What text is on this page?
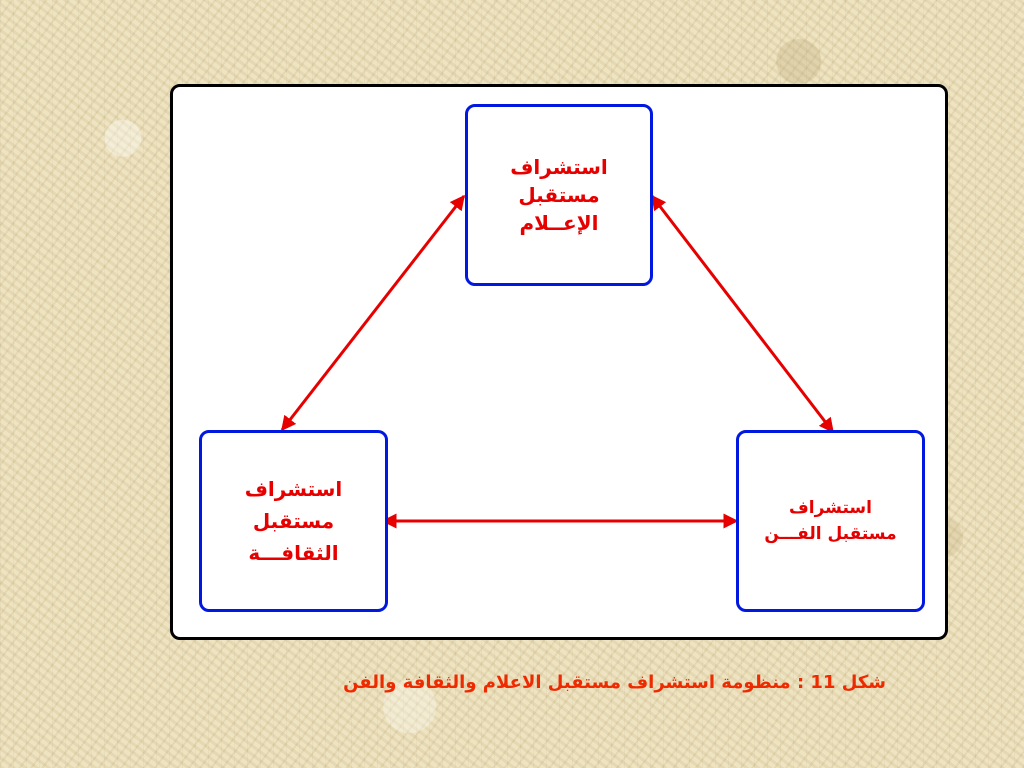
استشراف
مستقبل
الإعــلام
استشراف
مستقبل
الثقافـــة
استشراف
مستقبل الفـــن
شكل 11 : منظومة استشراف مستقبل الاعلام والثقافة والفن
